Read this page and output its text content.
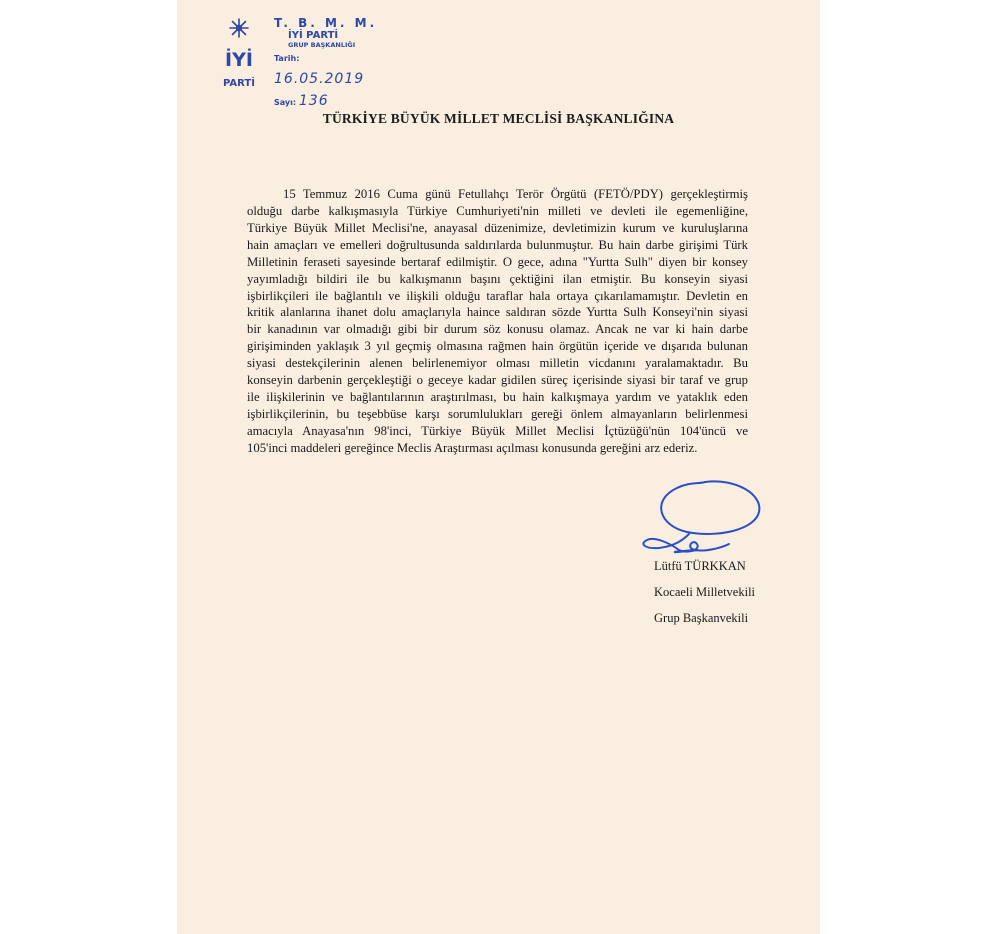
İYİ
PARTİ
T. B. M. M.
İYİ PARTİ
GRUP BAŞKANLIĞI
Tarih: 16.05.2019
Sayı: 136
TÜRKİYE BÜYÜK MİLLET MECLİSİ BAŞKANLIĞINA
15 Temmuz 2016 Cuma günü Fetullahçı Terör Örgütü (FETÖ/PDY) gerçekleştirmiş
olduğu darbe kalkışmasıyla Türkiye Cumhuriyeti'nin milleti ve devleti ile egemenliğine,
Türkiye Büyük Millet Meclisi'ne, anayasal düzenimize, devletimizin kurum ve kuruluşlarına
hain amaçları ve emelleri doğrultusunda saldırılarda bulunmuştur. Bu hain darbe girişimi Türk
Milletinin feraseti sayesinde bertaraf edilmiştir. O gece, adına "Yurtta Sulh" diyen bir konsey
yayımladığı bildiri ile bu kalkışmanın başını çektiğini ilan etmiştir. Bu konseyin siyasi
işbirlikçileri ile bağlantılı ve ilişkili olduğu taraflar hala ortaya çıkarılamamıştır. Devletin en
kritik alanlarına ihanet dolu amaçlarıyla haince saldıran sözde Yurtta Sulh Konseyi'nin siyasi
bir kanadının var olmadığı gibi bir durum söz konusu olamaz. Ancak ne var ki hain darbe
girişiminden yaklaşık 3 yıl geçmiş olmasına rağmen hain örgütün içeride ve dışarıda bulunan
siyasi destekçilerinin alenen belirlenemiyor olması milletin vicdanını yaralamaktadır. Bu
konseyin darbenin gerçekleştiği o geceye kadar gidilen süreç içerisinde siyasi bir taraf ve grup
ile ilişkilerinin ve bağlantılarının araştırılması, bu hain kalkışmaya yardım ve yataklık eden
işbirlikçilerinin, bu teşebbüse karşı sorumlulukları gereği önlem almayanların belirlenmesi
amacıyla Anayasa'nın 98'inci, Türkiye Büyük Millet Meclisi İçtüzüğü'nün 104'üncü ve
105'inci maddeleri gereğince Meclis Araştırması açılması konusunda gereğini arz ederiz.
Lütfü TÜRKKAN
Kocaeli Milletvekili
Grup Başkanvekili
